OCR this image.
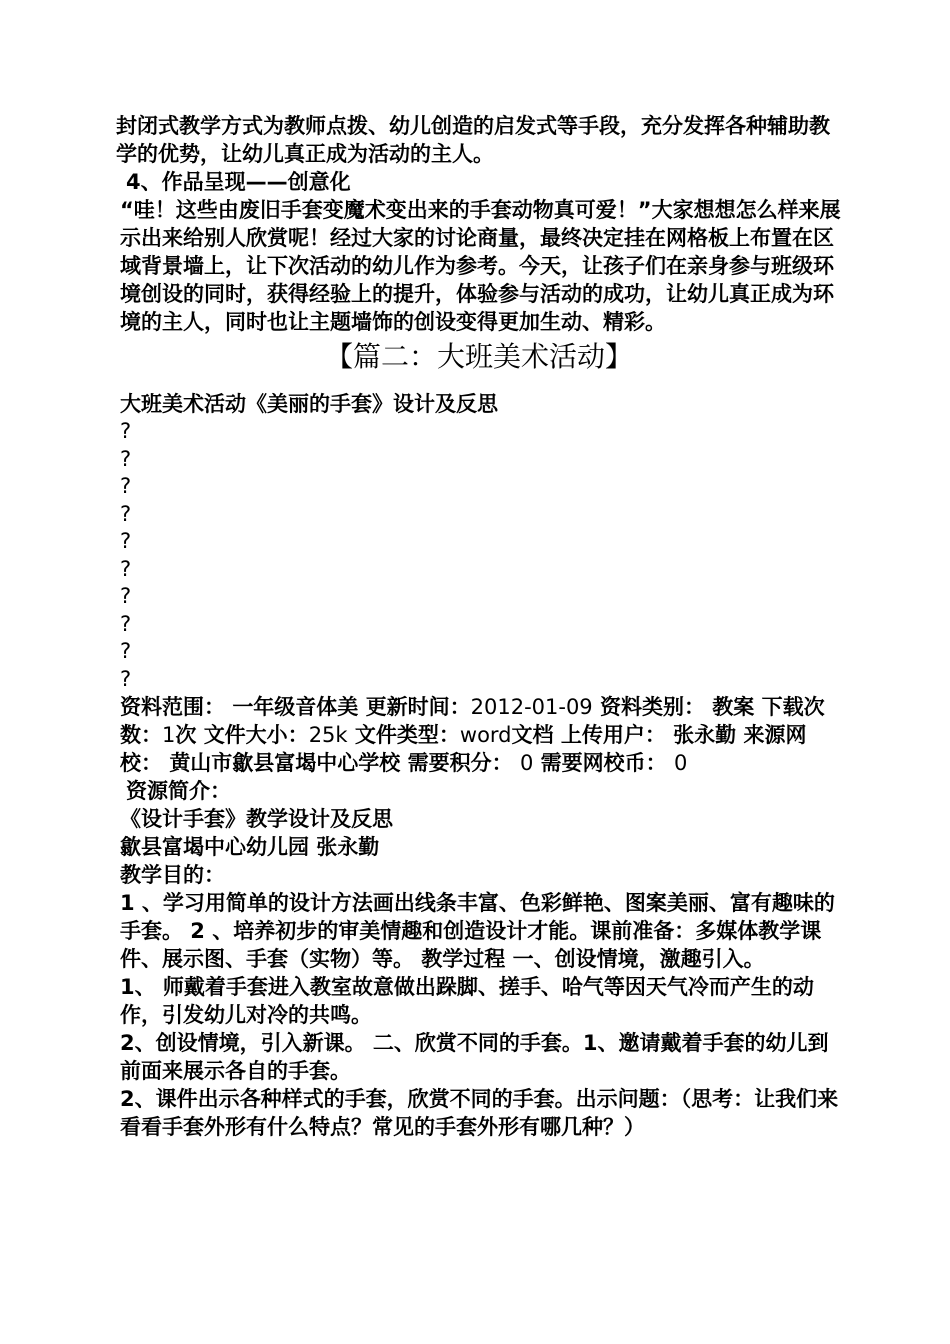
封闭式教学方式为教师点拨、幼儿创造的启发式等手段，充分发挥各种辅助教学的优势，让幼儿真正成为活动的主人。

4、作品呈现——创意化

“哇！这些由废旧手套变魔术变出来的手套动物真可爱！”大家想想怎么样来展示出来给别人欣赏呢！经过大家的讨论商量，最终决定挂在网格板上布置在区域背景墙上，让下次活动的幼儿作为参考。今天，让孩子们在亲身参与班级环境创设的同时，获得经验上的提升，体验参与活动的成功，让幼儿真正成为环境的主人，同时也让主题墙饰的创设变得更加生动、精彩。

【篇二：大班美术活动】

大班美术活动《美丽的手套》设计及反思

?
?
?
?
?
?
?
?
?
?

资料范围： 一年级音体美 更新时间：2012-01-09 资料类别： 教案 下载次数：1次 文件大小：25k 文件类型：word文档 上传用户： 张永勤 来源网校： 黄山市歙县富堨中心学校 需要积分： 0 需要网校币： 0

资源简介：

《设计手套》教学设计及反思

歙县富堨中心幼儿园 张永勤

教学目的：

1 、学习用简单的设计方法画出线条丰富、色彩鲜艳、图案美丽、富有趣味的手套。 2 、培养初步的审美情趣和创造设计才能。课前准备：多媒体教学课件、展示图、手套（实物）等。 教学过程 一、创设情境，激趣引入。

1、 师戴着手套进入教室故意做出跺脚、搓手、哈气等因天气冷而产生的动作，引发幼儿对冷的共鸣。

2、创设情境，引入新课。 二、欣赏不同的手套。1、邀请戴着手套的幼儿到前面来展示各自的手套。

2、课件出示各种样式的手套，欣赏不同的手套。出示问题：（思考：让我们来看看手套外形有什么特点？常见的手套外形有哪几种？）
